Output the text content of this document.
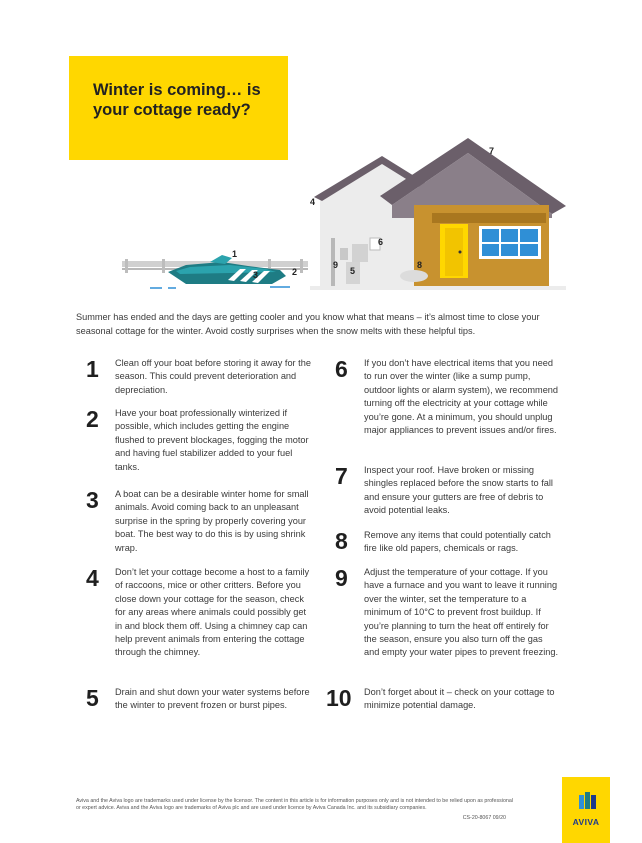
Winter is coming… is your cottage ready?
1
2
3
4
5
6
7
8
9

Summer has ended and the days are getting cooler and you know what that means – it’s almost time to close your seasonal cottage for the winter. Avoid costly surprises when the snow melts with these helpful tips.

1	Clean off your boat before storing it away for the season. This could prevent deterioration and depreciation.

2	Have your boat professionally winterized if possible, which includes getting the engine flushed to prevent blockages, fogging the motor and having fuel stabilizer added to your fuel tanks.

3	A boat can be a desirable winter home for small animals. Avoid coming back to an unpleasant surprise in the spring by properly covering your boat. The best way to do this is by using shrink wrap.

4	Don’t let your cottage become a host to a family of raccoons, mice or other critters. Before you close down your cottage for the season, check for any areas where animals could possibly get in and block them off. Using a chimney cap can help prevent animals from entering the cottage through the chimney.

5	Drain and shut down your water systems before the winter to prevent frozen or burst pipes.

6	If you don’t have electrical items that you need to run over the winter (like a sump pump, outdoor lights or alarm system), we recommend turning off the electricity at your cottage while you’re gone. At a minimum, you should unplug major appliances to prevent issues and/or fires.

7	Inspect your roof. Have broken or missing shingles replaced before the snow starts to fall and ensure your gutters are free of debris to avoid potential leaks.

8	Remove any items that could potentially catch fire like old papers, chemicals or rags.

9	Adjust the temperature of your cottage. If you have a furnace and you want to leave it running over the winter, set the temperature to a minimum of 10°C to prevent frost buildup. If you’re planning to turn the heat off entirely for the season, ensure you also turn off the gas and empty your water pipes to prevent freezing.

10	Don’t forget about it – check on your cottage to minimize potential damage.

Aviva and the Aviva logo are trademarks used under license by the licensor. The content in this article is for information purposes only and is not intended to be relied upon as professional or expert advice. Aviva and the Aviva logo are trademarks of Aviva plc and are used under licence by Aviva Canada Inc. and its subsidiary companies.

CS-20-8067 09/20	AVIVA
